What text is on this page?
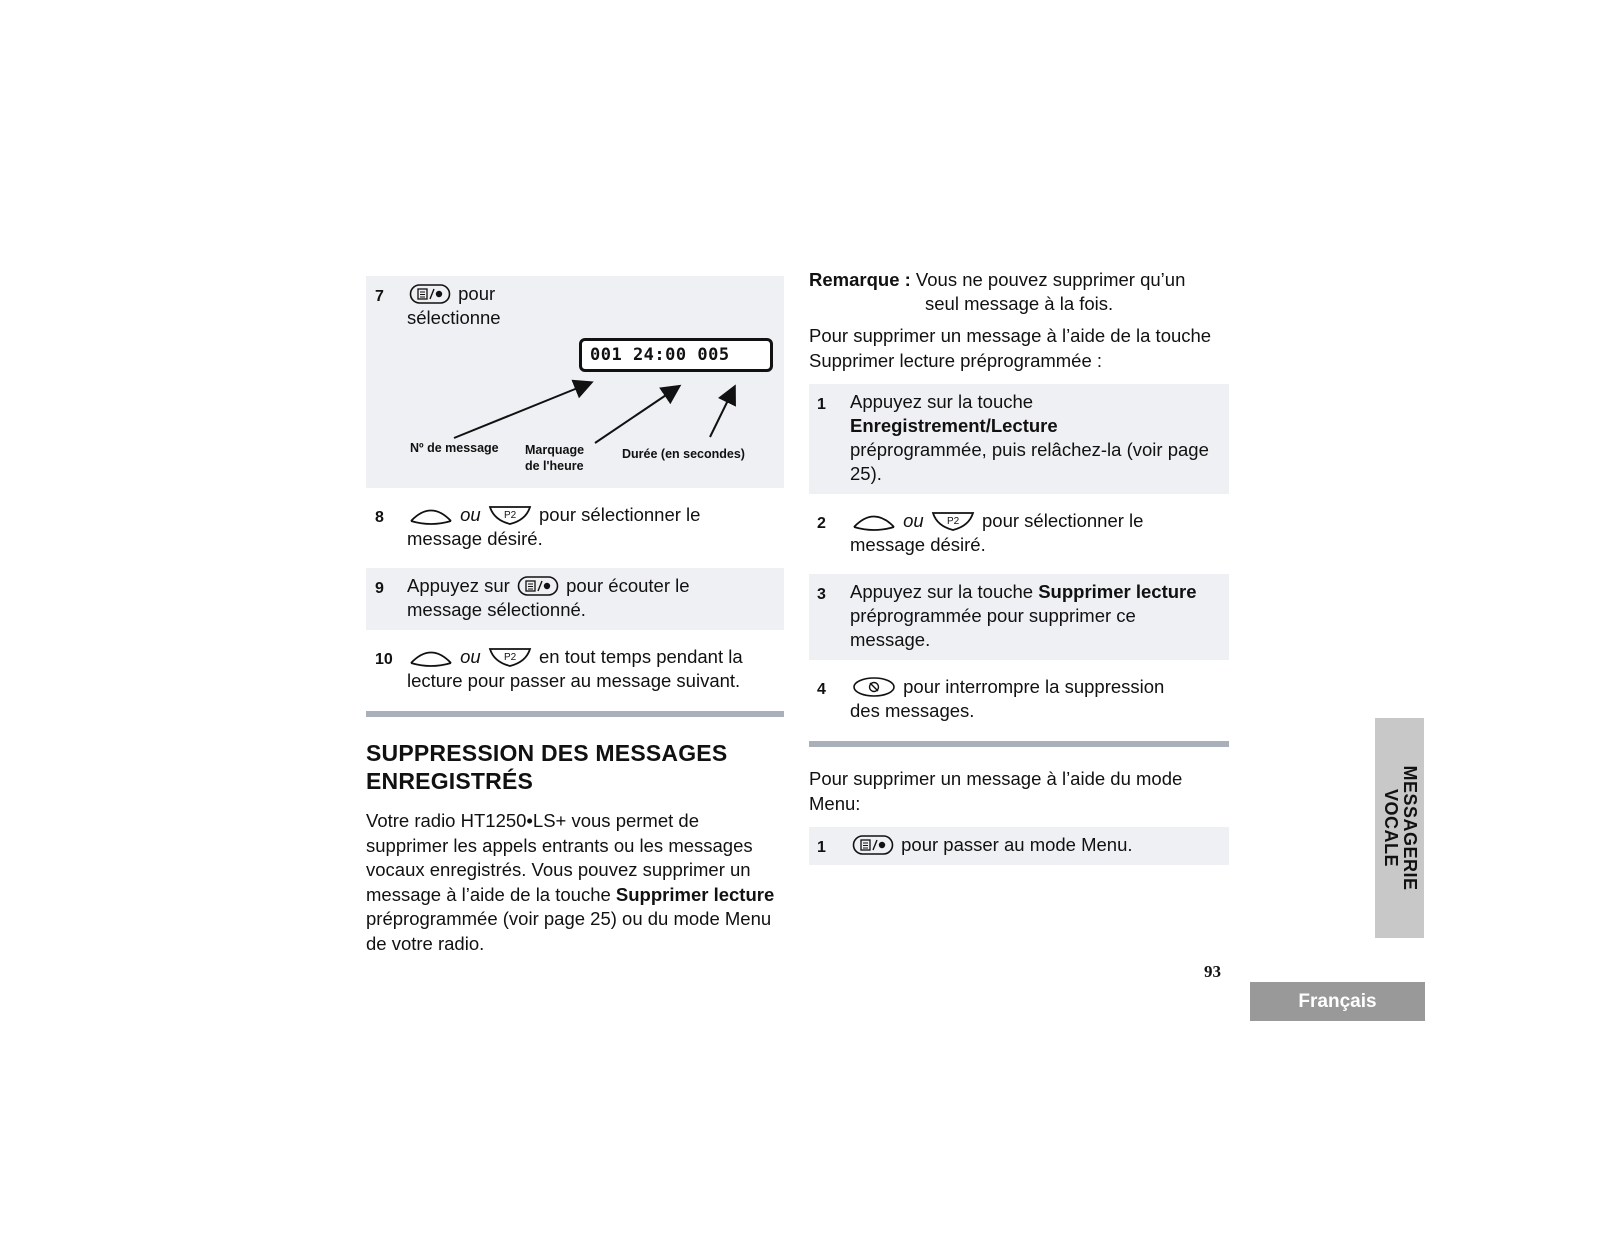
7	pour
sélectionne
001 24:00 005
Nº de message Marquage
de l'heure
Durée (en secondes)
8	ou P2 pour sélectionner le
message désiré.
9 Appuyez sur	pour écouter le
message sélectionné.
10	ou P2 en tout temps pendant la
lecture pour passer au message suivant.
SUPPRESSION DES MESSAGES
ENREGISTRÉS
Votre radio HT1250•LS+ vous permet de supprimer les appels entrants ou les messages vocaux enregistrés. Vous pouvez supprimer un message à l’aide de la touche Supprimer lecture préprogrammée (voir page 25) ou du mode Menu de votre radio.
Remarque : Vous ne pouvez supprimer qu’un

seul message à la fois.
Pour supprimer un message à l’aide de la touche Supprimer lecture préprogrammée :
1 Appuyez sur la touche
Enregistrement/Lecture
préprogrammée, puis relâchez-la (voir page 25).
2	ou P2 pour sélectionner le
message désiré.
3 Appuyez sur la touche Supprimer lecture préprogrammée pour supprimer ce message.
4	pour interrompre la suppression
des messages.
Pour supprimer un message à l’aide du mode Menu:
1	pour passer au mode Menu.	MESSAGERIE
VOCALE
93
Français
